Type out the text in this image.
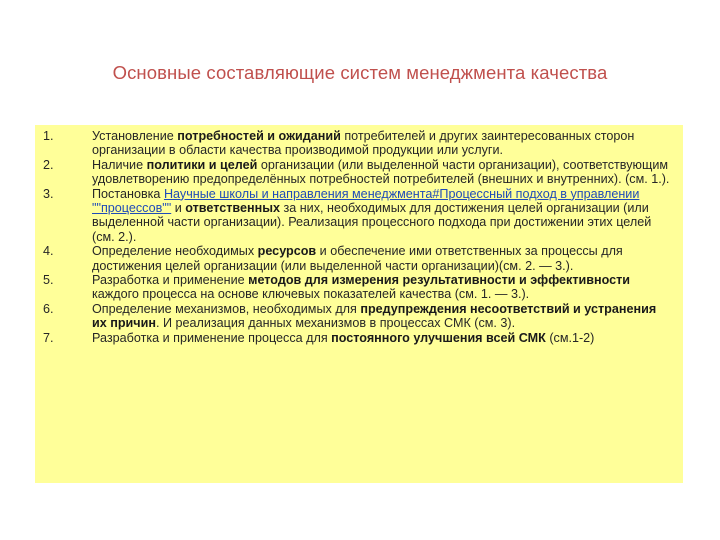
Основные составляющие систем менеджмента качества
1.	Установление потребностей и ожиданий потребителей и других заинтересованных сторон организации в области качества производимой продукции или услуги.
2.	Наличие политики и целей организации (или выделенной части организации), соответствующим удовлетворению предопределённых потребностей потребителей (внешних и внутренних). (см. 1.).
3.	Постановка Научные школы и направления менеджмента#Процессный подход в управлении ""процессов"" и ответственных за них, необходимых для достижения целей организации (или выделенной части организации). Реализация процессного подхода при достижении этих целей (см. 2.).
4.	Определение необходимых ресурсов и обеспечение ими ответственных за процессы для достижения целей организации (или выделенной части организации)(см. 2. — 3.).
5.	Разработка и применение методов для измерения результативности и эффективности каждого процесса на основе ключевых показателей качества (см. 1. — 3.).
6.	Определение механизмов, необходимых для предупреждения несоответствий и устранения их причин. И реализация данных механизмов в процессах СМК (см. 3).
7.	Разработка и применение процесса для постоянного улучшения всей СМК (см.1-2)
